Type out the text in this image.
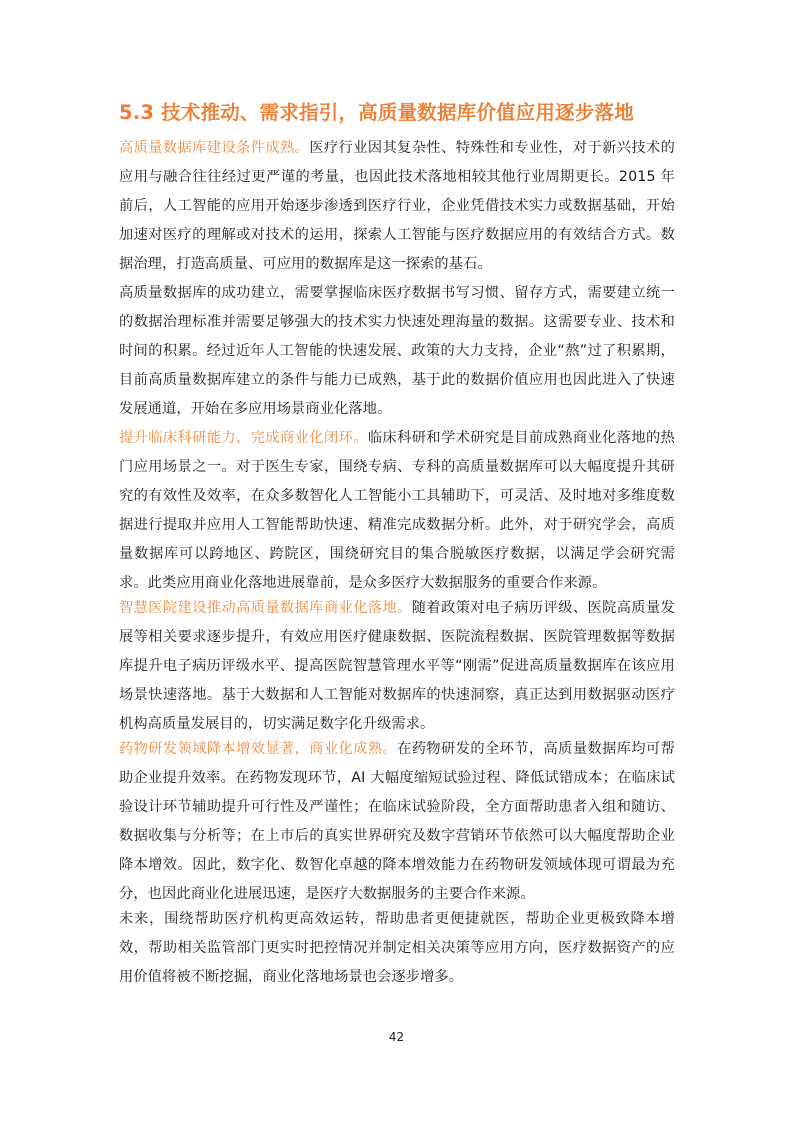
5.3 技术推动、需求指引，高质量数据库价值应用逐步落地

高质量数据库建设条件成熟。医疗行业因其复杂性、特殊性和专业性，对于新兴技术的应用与融合往往经过更严谨的考量，也因此技术落地相较其他行业周期更长。2015 年前后，人工智能的应用开始逐步渗透到医疗行业，企业凭借技术实力或数据基础，开始加速对医疗的理解或对技术的运用，探索人工智能与医疗数据应用的有效结合方式。数据治理，打造高质量、可应用的数据库是这一探索的基石。

高质量数据库的成功建立，需要掌握临床医疗数据书写习惯、留存方式，需要建立统一的数据治理标准并需要足够强大的技术实力快速处理海量的数据。这需要专业、技术和时间的积累。经过近年人工智能的快速发展、政策的大力支持，企业“熬”过了积累期，目前高质量数据库建立的条件与能力已成熟，基于此的数据价值应用也因此进入了快速发展通道，开始在多应用场景商业化落地。

提升临床科研能力，完成商业化闭环。临床科研和学术研究是目前成熟商业化落地的热门应用场景之一。对于医生专家，围绕专病、专科的高质量数据库可以大幅度提升其研究的有效性及效率，在众多数智化人工智能小工具辅助下，可灵活、及时地对多维度数据进行提取并应用人工智能帮助快速、精准完成数据分析。此外，对于研究学会，高质量数据库可以跨地区、跨院区，围绕研究目的集合脱敏医疗数据，以满足学会研究需求。此类应用商业化落地进展靠前，是众多医疗大数据服务的重要合作来源。

智慧医院建设推动高质量数据库商业化落地。随着政策对电子病历评级、医院高质量发展等相关要求逐步提升，有效应用医疗健康数据、医院流程数据、医院管理数据等数据库提升电子病历评级水平、提高医院智慧管理水平等“刚需”促进高质量数据库在该应用场景快速落地。基于大数据和人工智能对数据库的快速洞察，真正达到用数据驱动医疗机构高质量发展目的，切实满足数字化升级需求。

药物研发领域降本增效显著，商业化成熟。在药物研发的全环节，高质量数据库均可帮助企业提升效率。在药物发现环节，AI 大幅度缩短试验过程、降低试错成本；在临床试验设计环节辅助提升可行性及严谨性；在临床试验阶段，全方面帮助患者入组和随访、数据收集与分析等；在上市后的真实世界研究及数字营销环节依然可以大幅度帮助企业降本增效。因此，数字化、数智化卓越的降本增效能力在药物研发领域体现可谓最为充分，也因此商业化进展迅速，是医疗大数据服务的主要合作来源。

未来，围绕帮助医疗机构更高效运转，帮助患者更便捷就医，帮助企业更极致降本增效，帮助相关监管部门更实时把控情况并制定相关决策等应用方向，医疗数据资产的应用价值将被不断挖掘，商业化落地场景也会逐步增多。

42
